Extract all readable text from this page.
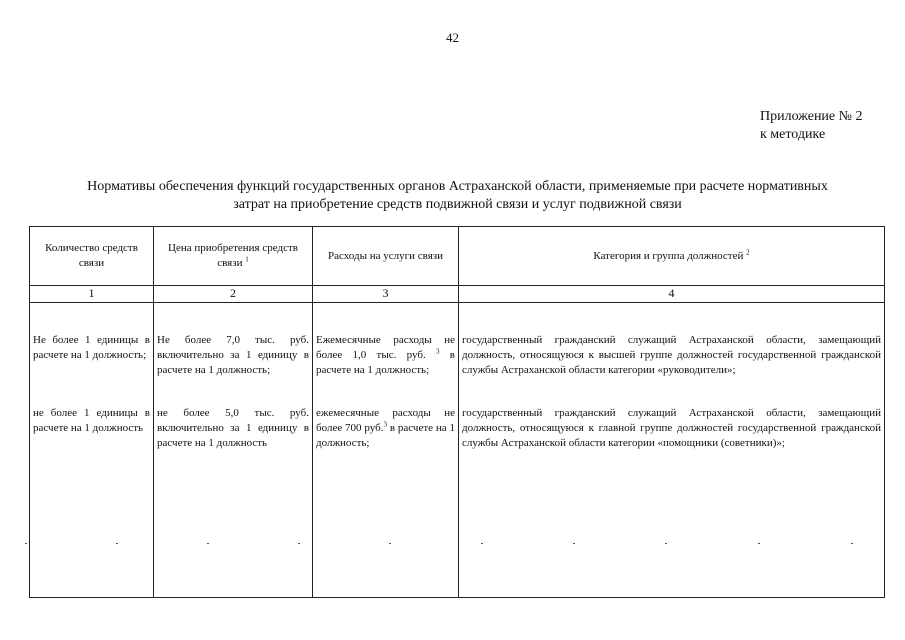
42
Приложение № 2
к методике
Нормативы обеспечения функций государственных органов Астраханской области, применяемые при расчете нормативных
затрат на приобретение средств подвижной связи и услуг подвижной связи
Количество средств связи	Цена приобретения средств связи $^1$	Расходы на услуги связи	Категория и группа должностей $^2$
1	2	3	4
Не более 1 единицы в расчете на 1 должность;	Не более 7,0 тыс. руб. включительно за 1 единицу в расчете на 1 должность;	Ежемесячные расходы не более 1,0 тыс. руб. $^3$ в расчете на 1 должность;	государственный гражданский служащий Астраханской области, замещающий должность, относящуюся к высшей группе должностей государственной гражданской службы Астраханской области категории «руководители»;
не более 1 единицы в расчете на 1 должность	не более 5,0 тыс. руб. включительно за 1 единицу в расчете на 1 должность	ежемесячные расходы не более 700 руб.$^3$ в расчете на 1 должность;	государственный гражданский служащий Астраханской области, замещающий должность, относящуюся к главной группе должностей государственной гражданской службы Астраханской области категории «помощники (советники)»;
